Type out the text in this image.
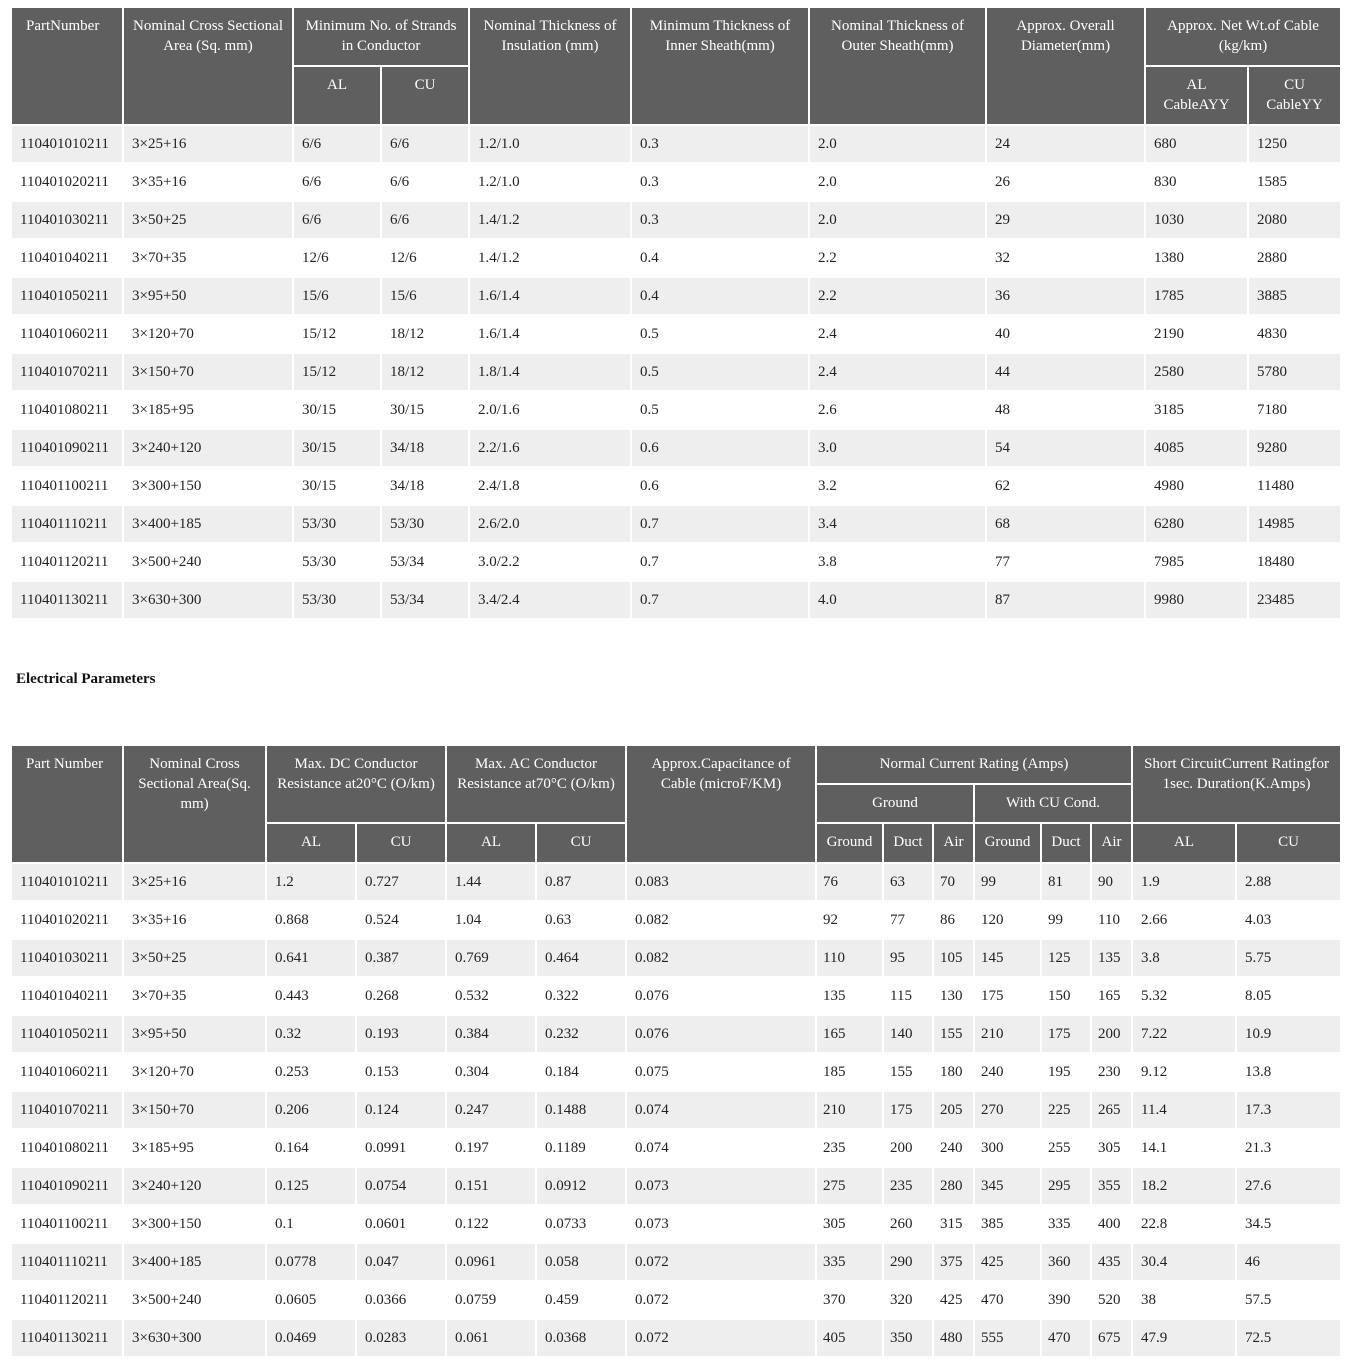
PartNumber	Nominal Cross Sectional Area (Sq. mm)	Minimum No. of Strands in Conductor		Nominal Thickness of Insulation (mm)	Minimum Thickness of Inner Sheath(mm)	Nominal Thickness of Outer Sheath(mm)	Approx. Overall Diameter(mm)	Approx. Net Wt.of Cable (kg/km)	
		AL	CU					AL CableAYY	CU CableYY
110401010211	3×25+16	6/6	6/6	1.2/1.0	0.3	2.0	24	680	1250
110401020211	3×35+16	6/6	6/6	1.2/1.0	0.3	2.0	26	830	1585
110401030211	3×50+25	6/6	6/6	1.4/1.2	0.3	2.0	29	1030	2080
110401040211	3×70+35	12/6	12/6	1.4/1.2	0.4	2.2	32	1380	2880
110401050211	3×95+50	15/6	15/6	1.6/1.4	0.4	2.2	36	1785	3885
110401060211	3×120+70	15/12	18/12	1.6/1.4	0.5	2.4	40	2190	4830
110401070211	3×150+70	15/12	18/12	1.8/1.4	0.5	2.4	44	2580	5780
110401080211	3×185+95	30/15	30/15	2.0/1.6	0.5	2.6	48	3185	7180
110401090211	3×240+120	30/15	34/18	2.2/1.6	0.6	3.0	54	4085	9280
110401100211	3×300+150	30/15	34/18	2.4/1.8	0.6	3.2	62	4980	11480
110401110211	3×400+185	53/30	53/30	2.6/2.0	0.7	3.4	68	6280	14985
110401120211	3×500+240	53/30	53/34	3.0/2.2	0.7	3.8	77	7985	18480
110401130211	3×630+300	53/30	53/34	3.4/2.4	0.7	4.0	87	9980	23485
Electrical Parameters
Part Number	Nominal Cross Sectional Area(Sq. mm)	Max. DC Conductor Resistance at20°C (O/km)		Max. AC Conductor Resistance at70°C (O/km)		Approx.Capacitance of Cable (microF/KM)	Normal Current Rating (Amps)						Short CircuitCurrent Ratingfor 1sec. Duration(K.Amps)	
							Ground			With CU Cond.				
		AL	CU	AL	CU		Ground	Duct	Air	Ground	Duct	Air	AL	CU
110401010211	3×25+16	1.2	0.727	1.44	0.87	0.083	76	63	70	99	81	90	1.9	2.88
110401020211	3×35+16	0.868	0.524	1.04	0.63	0.082	92	77	86	120	99	110	2.66	4.03
110401030211	3×50+25	0.641	0.387	0.769	0.464	0.082	110	95	105	145	125	135	3.8	5.75
110401040211	3×70+35	0.443	0.268	0.532	0.322	0.076	135	115	130	175	150	165	5.32	8.05
110401050211	3×95+50	0.32	0.193	0.384	0.232	0.076	165	140	155	210	175	200	7.22	10.9
110401060211	3×120+70	0.253	0.153	0.304	0.184	0.075	185	155	180	240	195	230	9.12	13.8
110401070211	3×150+70	0.206	0.124	0.247	0.1488	0.074	210	175	205	270	225	265	11.4	17.3
110401080211	3×185+95	0.164	0.0991	0.197	0.1189	0.074	235	200	240	300	255	305	14.1	21.3
110401090211	3×240+120	0.125	0.0754	0.151	0.0912	0.073	275	235	280	345	295	355	18.2	27.6
110401100211	3×300+150	0.1	0.0601	0.122	0.0733	0.073	305	260	315	385	335	400	22.8	34.5
110401110211	3×400+185	0.0778	0.047	0.0961	0.058	0.072	335	290	375	425	360	435	30.4	46
110401120211	3×500+240	0.0605	0.0366	0.0759	0.459	0.072	370	320	425	470	390	520	38	57.5
110401130211	3×630+300	0.0469	0.0283	0.061	0.0368	0.072	405	350	480	555	470	675	47.9	72.5
